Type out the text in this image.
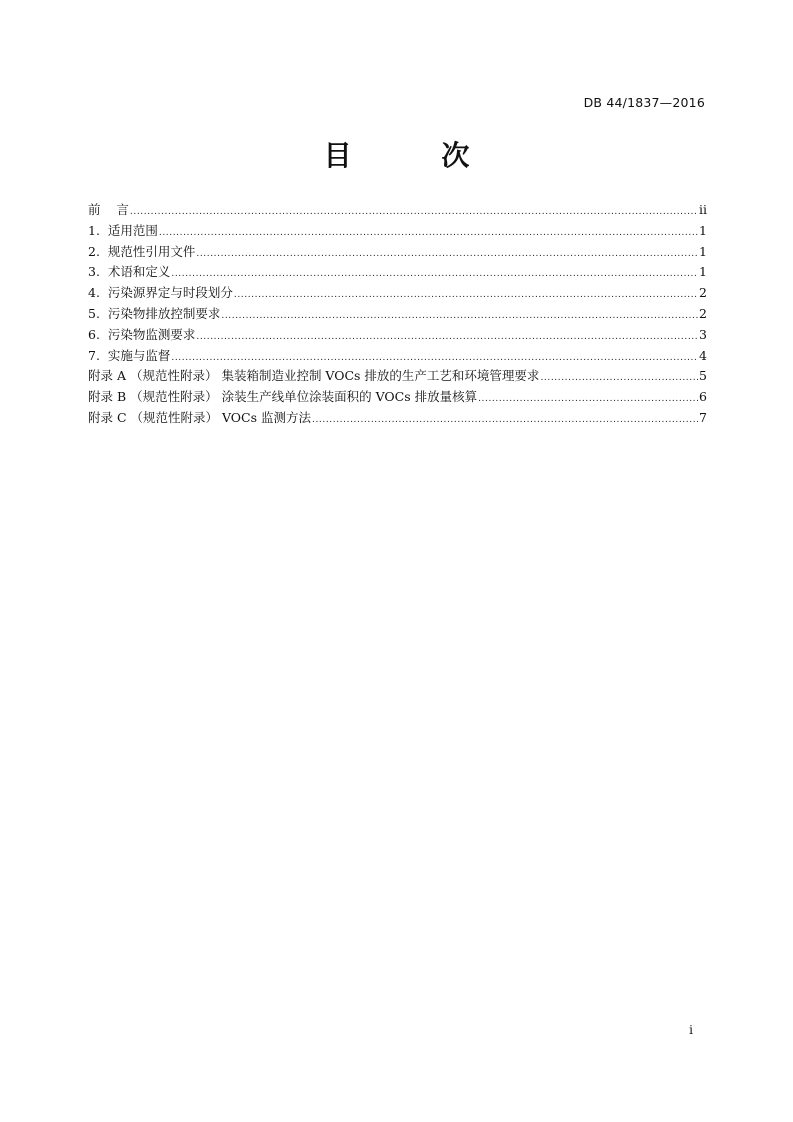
DB 44/1837—2016
目 次
前    言 .....	ii
1.  适用范围 .....	1
2.  规范性引用文件 .....	1
3.  术语和定义 .....	1
4.  污染源界定与时段划分 .....	2
5.  污染物排放控制要求 .....	2
6.  污染物监测要求 .....	3
7.  实施与监督 .....	4
附录 A （规范性附录） 集装箱制造业控制 VOCs 排放的生产工艺和环境管理要求 .....	5
附录 B （规范性附录） 涂装生产线单位涂装面积的 VOCs 排放量核算 .....	6
附录 C （规范性附录） VOCs 监测方法 .....	7
i
